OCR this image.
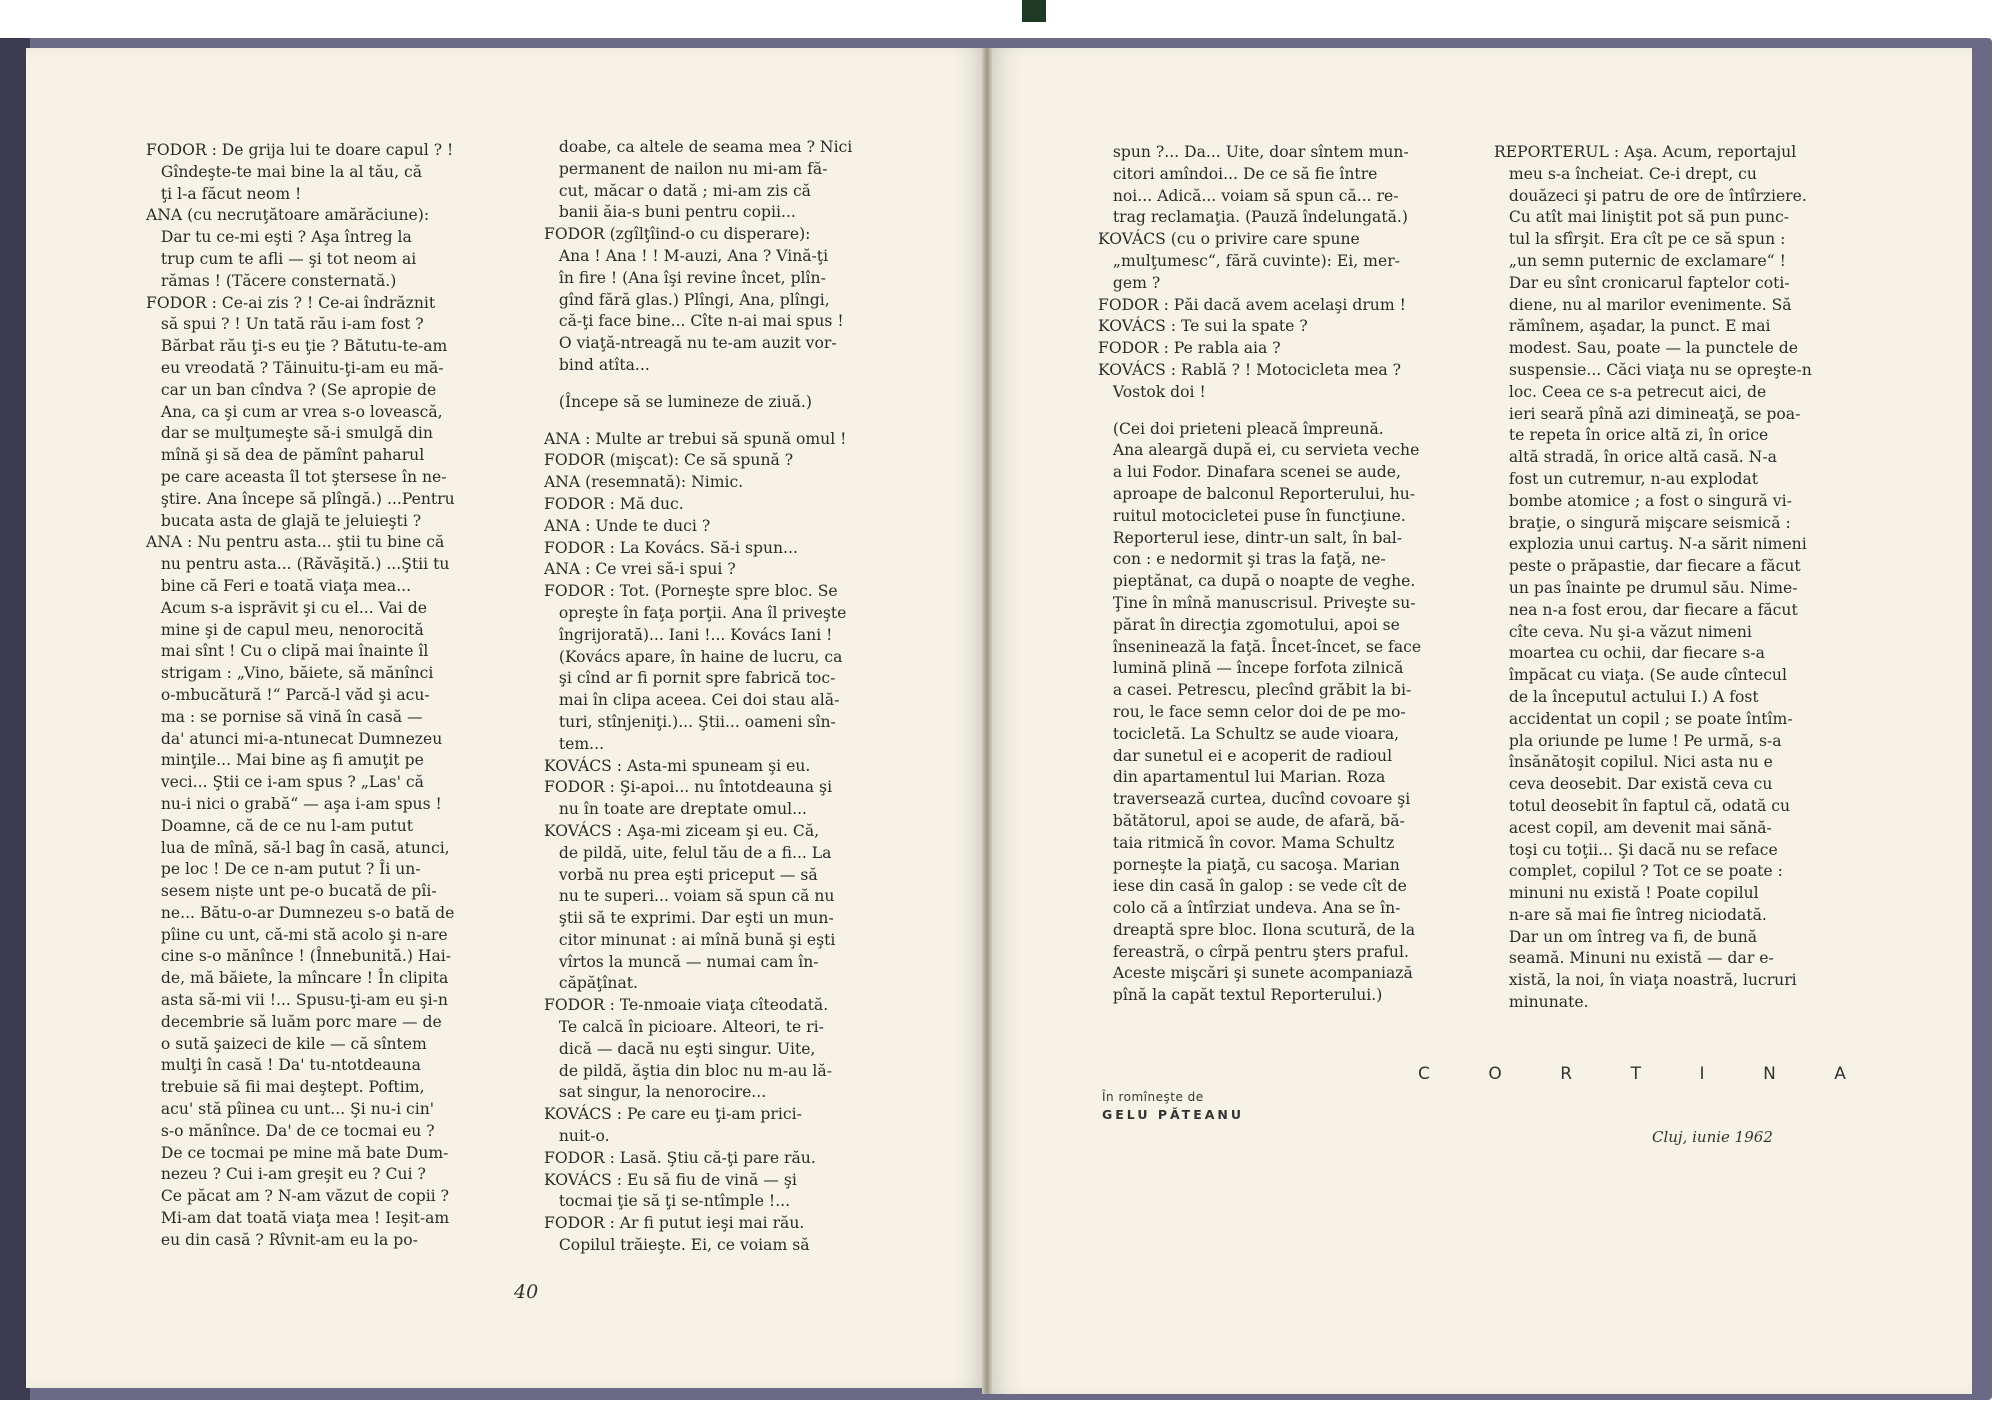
FODOR : De grija lui te doare capul ? !
Gîndeşte-te mai bine la al tău, că
ţi l-a făcut neom !
ANA (cu necruţătoare amărăciune):
Dar tu ce-mi eşti ? Aşa întreg la
trup cum te afli — şi tot neom ai
rămas ! (Tăcere consternată.)
FODOR : Ce-ai zis ? ! Ce-ai îndrăznit
să spui ? ! Un tată rău i-am fost ?
Bărbat rău ţi-s eu ţie ? Bătutu-te-am
eu vreodată ? Tăinuitu-ţi-am eu mă-
car un ban cîndva ? (Se apropie de
Ana, ca şi cum ar vrea s-o lovească,
dar se mulţumeşte să-i smulgă din
mînă şi să dea de pămînt paharul
pe care aceasta îl tot ştersese în ne-
ştire. Ana începe să plîngă.) ...Pentru
bucata asta de glajă te jeluieşti ?
ANA : Nu pentru asta... ştii tu bine că
nu pentru asta... (Răvăşită.) ...Ştii tu
bine că Feri e toată viaţa mea...
Acum s-a isprăvit şi cu el... Vai de
mine şi de capul meu, nenorocită
mai sînt ! Cu o clipă mai înainte îl
strigam : „Vino, băiete, să mănînci
o-mbucătură !“ Parcă-l văd şi acu-
ma : se pornise să vină în casă —
da' atunci mi-a-ntunecat Dumnezeu
minţile... Mai bine aş fi amuţit pe
veci... Ştii ce i-am spus ? „Las' că
nu-i nici o grabă“ — aşa i-am spus !
Doamne, că de ce nu l-am putut
lua de mînă, să-l bag în casă, atunci,
pe loc ! De ce n-am putut ? Îi un-
sesem niște unt pe-o bucată de pîi-
ne... Bătu-o-ar Dumnezeu s-o bată de
pîine cu unt, că-mi stă acolo şi n-are
cine s-o mănînce ! (Înnebunită.) Hai-
de, mă băiete, la mîncare ! În clipita
asta să-mi vii !... Spusu-ţi-am eu şi-n
decembrie să luăm porc mare — de
o sută şaizeci de kile — că sîntem
mulţi în casă ! Da' tu-ntotdeauna
trebuie să fii mai deştept. Poftim,
acu' stă pîinea cu unt... Şi nu-i cin'
s-o mănînce. Da' de ce tocmai eu ?
De ce tocmai pe mine mă bate Dum-
nezeu ? Cui i-am greşit eu ? Cui ?
Ce păcat am ? N-am văzut de copii ?
Mi-am dat toată viaţa mea ! Ieşit-am
eu din casă ? Rîvnit-am eu la po-
doabe, ca altele de seama mea ? Nici
permanent de nailon nu mi-am fă-
cut, măcar o dată ; mi-am zis că
banii ăia-s buni pentru copii...
FODOR (zgîlţîind-o cu disperare):
Ana ! Ana ! ! M-auzi, Ana ? Vină-ţi
în fire ! (Ana îşi revine încet, plîn-
gînd fără glas.) Plîngi, Ana, plîngi,
că-ţi face bine... Cîte n-ai mai spus !
O viaţă-ntreagă nu te-am auzit vor-
bind atîta...
(Începe să se lumineze de ziuă.)
ANA : Multe ar trebui să spună omul !
FODOR (mişcat): Ce să spună ?
ANA (resemnată): Nimic.
FODOR : Mă duc.
ANA : Unde te duci ?
FODOR : La Kovács. Să-i spun...
ANA : Ce vrei să-i spui ?
FODOR : Tot. (Porneşte spre bloc. Se
opreşte în faţa porţii. Ana îl priveşte
îngrijorată)... Iani !... Kovács Iani !
(Kovács apare, în haine de lucru, ca
şi cînd ar fi pornit spre fabrică toc-
mai în clipa aceea. Cei doi stau ală-
turi, stînjeniţi.)... Ştii... oameni sîn-
tem...
KOVÁCS : Asta-mi spuneam şi eu.
FODOR : Şi-apoi... nu întotdeauna şi
nu în toate are dreptate omul...
KOVÁCS : Aşa-mi ziceam şi eu. Că,
de pildă, uite, felul tău de a fi... La
vorbă nu prea eşti priceput — să
nu te superi... voiam să spun că nu
ştii să te exprimi. Dar eşti un mun-
citor minunat : ai mînă bună şi eşti
vîrtos la muncă — numai cam în-
căpăţînat.
FODOR : Te-nmoaie viaţa cîteodată.
Te calcă în picioare. Alteori, te ri-
dică — dacă nu eşti singur. Uite,
de pildă, ăştia din bloc nu m-au lă-
sat singur, la nenorocire...
KOVÁCS : Pe care eu ţi-am prici-
nuit-o.
FODOR : Lasă. Ştiu că-ţi pare rău.
KOVÁCS : Eu să fiu de vină — şi
tocmai ţie să ţi se-ntîmple !...
FODOR : Ar fi putut ieşi mai rău.
Copilul trăieşte. Ei, ce voiam să
spun ?... Da... Uite, doar sîntem mun-
citori amîndoi... De ce să fie între
noi... Adică... voiam să spun că... re-
trag reclamaţia. (Pauză îndelungată.)
KOVÁCS (cu o privire care spune
„mulţumesc“, fără cuvinte): Ei, mer-
gem ?
FODOR : Păi dacă avem acelaşi drum !
KOVÁCS : Te sui la spate ?
FODOR : Pe rabla aia ?
KOVÁCS : Rablă ? ! Motocicleta mea ?
Vostok doi !
(Cei doi prieteni pleacă împreună.
Ana aleargă după ei, cu servieta veche
a lui Fodor. Dinafara scenei se aude,
aproape de balconul Reporterului, hu-
ruitul motocicletei puse în funcţiune.
Reporterul iese, dintr-un salt, în bal-
con : e nedormit şi tras la faţă, ne-
pieptănat, ca după o noapte de veghe.
Ţine în mînă manuscrisul. Priveşte su-
părat în direcţia zgomotului, apoi se
înseninează la faţă. Încet-încet, se face
lumină plină — începe forfota zilnică
a casei. Petrescu, plecînd grăbit la bi-
rou, le face semn celor doi de pe mo-
tocicletă. La Schultz se aude vioara,
dar sunetul ei e acoperit de radioul
din apartamentul lui Marian. Roza
traversează curtea, ducînd covoare şi
bătătorul, apoi se aude, de afară, bă-
taia ritmică în covor. Mama Schultz
porneşte la piaţă, cu sacoşa. Marian
iese din casă în galop : se vede cît de
colo că a întîrziat undeva. Ana se în-
dreaptă spre bloc. Ilona scutură, de la
fereastră, o cîrpă pentru şters praful.
Aceste mişcări şi sunete acompaniază
pînă la capăt textul Reporterului.)
REPORTERUL : Aşa. Acum, reportajul
meu s-a încheiat. Ce-i drept, cu
douăzeci şi patru de ore de întîrziere.
Cu atît mai liniştit pot să pun punc-
tul la sfîrşit. Era cît pe ce să spun :
„un semn puternic de exclamare“ !
Dar eu sînt cronicarul faptelor coti-
diene, nu al marilor evenimente. Să
rămînem, aşadar, la punct. E mai
modest. Sau, poate — la punctele de
suspensie... Căci viaţa nu se opreşte-n
loc. Ceea ce s-a petrecut aici, de
ieri seară pînă azi dimineaţă, se poa-
te repeta în orice altă zi, în orice
altă stradă, în orice altă casă. N-a
fost un cutremur, n-au explodat
bombe atomice ; a fost o singură vi-
braţie, o singură mişcare seismică :
explozia unui cartuş. N-a sărit nimeni
peste o prăpastie, dar fiecare a făcut
un pas înainte pe drumul său. Nime-
nea n-a fost erou, dar fiecare a făcut
cîte ceva. Nu şi-a văzut nimeni
moartea cu ochii, dar fiecare s-a
împăcat cu viaţa. (Se aude cîntecul
de la începutul actului I.) A fost
accidentat un copil ; se poate întîm-
pla oriunde pe lume ! Pe urmă, s-a
însănătoşit copilul. Nici asta nu e
ceva deosebit. Dar există ceva cu
totul deosebit în faptul că, odată cu
acest copil, am devenit mai sănă-
toşi cu toţii... Şi dacă nu se reface
complet, copilul ? Tot ce se poate :
minuni nu există ! Poate copilul
n-are să mai fie întreg niciodată.
Dar un om întreg va fi, de bună
seamă. Minuni nu există — dar e-
xistă, la noi, în viaţa noastră, lucruri
minunate.
40
În romîneşte de
GELU PĂTEANU
C	O	R	T	I	N	A
Cluj, iunie 1962
